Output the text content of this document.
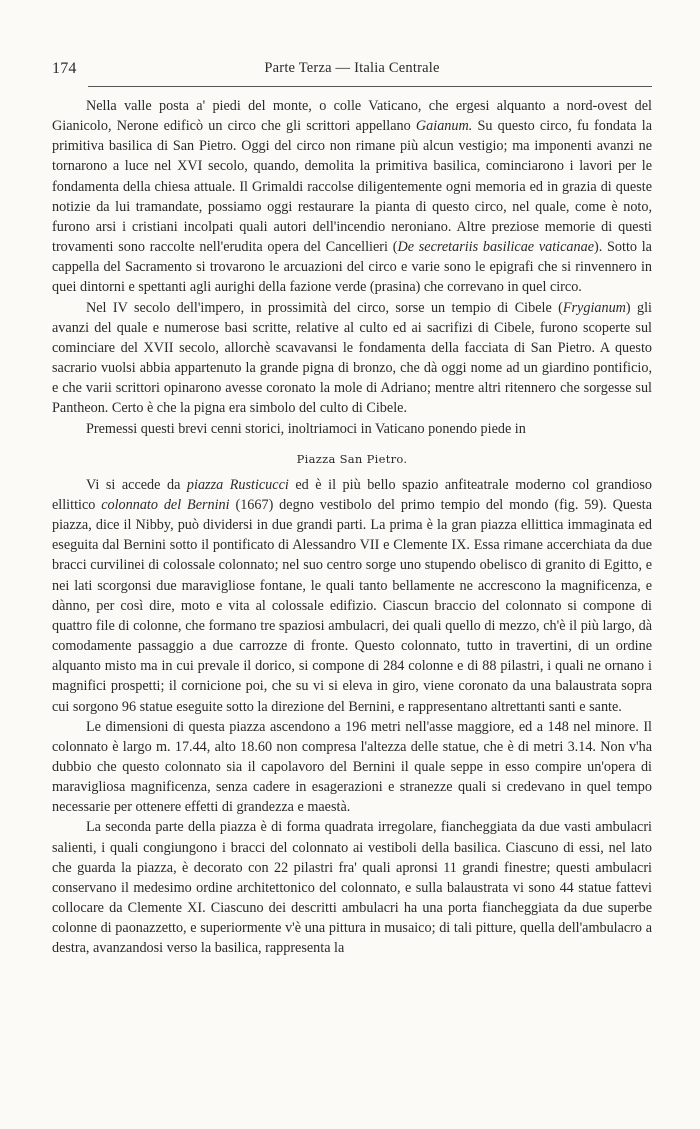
174	Parte Terza — Italia Centrale

Nella valle posta a' piedi del monte, o colle Vaticano, che ergesi alquanto a nord-ovest del Gianicolo, Nerone edificò un circo che gli scrittori appellano Gaianum. Su questo circo, fu fondata la primitiva basilica di San Pietro. Oggi del circo non rimane più alcun vestigio; ma imponenti avanzi ne tornarono a luce nel XVI secolo, quando, demolita la primitiva basilica, cominciarono i lavori per le fondamenta della chiesa attuale. Il Grimaldi raccolse diligentemente ogni memoria ed in grazia di queste notizie da lui tramandate, possiamo oggi restaurare la pianta di questo circo, nel quale, come è noto, furono arsi i cristiani incolpati quali autori dell'incendio neroniano. Altre preziose memorie di questi trovamenti sono raccolte nell'erudita opera del Cancellieri (De secretariis basilicae vaticanae). Sotto la cappella del Sacramento si trovarono le arcuazioni del circo e varie sono le epigrafi che si rinvennero in quei dintorni e spettanti agli aurighi della fazione verde (prasina) che correvano in quel circo.

Nel IV secolo dell'impero, in prossimità del circo, sorse un tempio di Cibele (Frygianum) gli avanzi del quale e numerose basi scritte, relative al culto ed ai sacrifizi di Cibele, furono scoperte sul cominciare del XVII secolo, allorchè scavavansi le fondamenta della facciata di San Pietro. A questo sacrario vuolsi abbia appartenuto la grande pigna di bronzo, che dà oggi nome ad un giardino pontificio, e che varii scrittori opinarono avesse coronato la mole di Adriano; mentre altri ritennero che sorgesse sul Pantheon. Certo è che la pigna era simbolo del culto di Cibele.

Premessi questi brevi cenni storici, inoltriamoci in Vaticano ponendo piede in

Piazza San Pietro.

Vi si accede da piazza Rusticucci ed è il più bello spazio anfiteatrale moderno col grandioso ellittico colonnato del Bernini (1667) degno vestibolo del primo tempio del mondo (fig. 59). Questa piazza, dice il Nibby, può dividersi in due grandi parti. La prima è la gran piazza ellittica immaginata ed eseguita dal Bernini sotto il pontificato di Alessandro VII e Clemente IX. Essa rimane accerchiata da due bracci curvilinei di colossale colonnato; nel suo centro sorge uno stupendo obelisco di granito di Egitto, e nei lati scorgonsi due maravigliose fontane, le quali tanto bellamente ne accrescono la magnificenza, e dànno, per così dire, moto e vita al colossale edifizio. Ciascun braccio del colonnato si compone di quattro file di colonne, che formano tre spaziosi ambulacri, dei quali quello di mezzo, ch'è il più largo, dà comodamente passaggio a due carrozze di fronte. Questo colonnato, tutto in travertini, di un ordine alquanto misto ma in cui prevale il dorico, si compone di 284 colonne e di 88 pilastri, i quali ne ornano i magnifici prospetti; il cornicione poi, che su vi si eleva in giro, viene coronato da una balaustrata sopra cui sorgono 96 statue eseguite sotto la direzione del Bernini, e rappresentano altrettanti santi e sante.

Le dimensioni di questa piazza ascendono a 196 metri nell'asse maggiore, ed a 148 nel minore. Il colonnato è largo m. 17.44, alto 18.60 non compresa l'altezza delle statue, che è di metri 3.14. Non v'ha dubbio che questo colonnato sia il capolavoro del Bernini il quale seppe in esso compire un'opera di maravigliosa magnificenza, senza cadere in esagerazioni e stranezze quali si credevano in quel tempo necessarie per ottenere effetti di grandezza e maestà.

La seconda parte della piazza è di forma quadrata irregolare, fiancheggiata da due vasti ambulacri salienti, i quali congiungono i bracci del colonnato ai vestiboli della basilica. Ciascuno di essi, nel lato che guarda la piazza, è decorato con 22 pilastri fra' quali apronsi 11 grandi finestre; questi ambulacri conservano il medesimo ordine architettonico del colonnato, e sulla balaustrata vi sono 44 statue fattevi collocare da Clemente XI. Ciascuno dei descritti ambulacri ha una porta fiancheggiata da due superbe colonne di paonazzetto, e superiormente v'è una pittura in musaico; di tali pitture, quella dell'ambulacro a destra, avanzandosi verso la basilica, rappresenta la
